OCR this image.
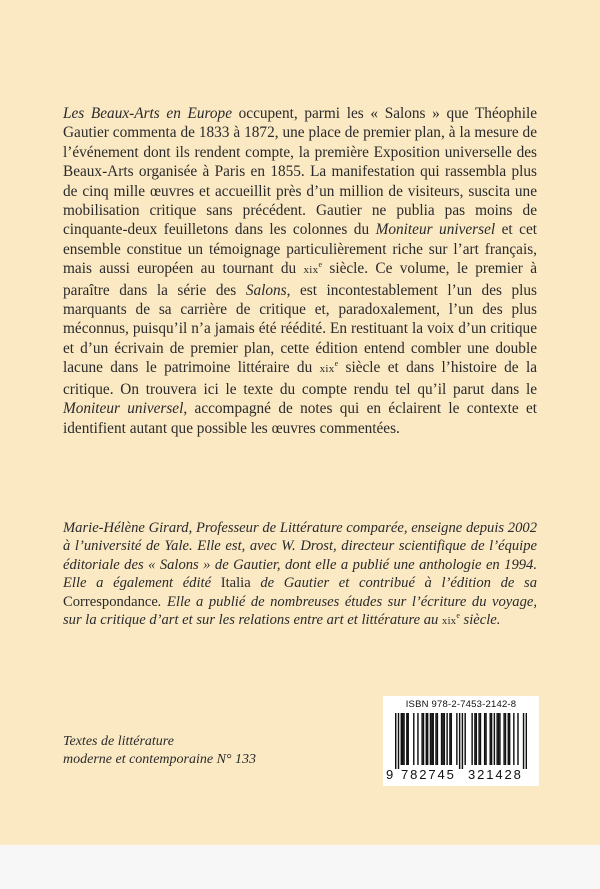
Les Beaux-Arts en Europe occupent, parmi les « Salons » que Théophile Gautier commenta de 1833 à 1872, une place de premier plan, à la mesure de l’événement dont ils rendent compte, la première Exposition universelle des Beaux-Arts organisée à Paris en 1855. La manifestation qui rassembla plus de cinq mille œuvres et accueillit près d’un million de visiteurs, suscita une mobilisation critique sans précédent. Gautier ne publia pas moins de cinquante-deux feuilletons dans les colonnes du Moniteur universel et cet ensemble constitue un témoignage particulièrement riche sur l’art français, mais aussi européen au tournant du xix$^e$ siècle. Ce volume, le premier à paraître dans la série des Salons, est incontestablement l’un des plus marquants de sa carrière de critique et, paradoxalement, l’un des plus méconnus, puisqu’il n’a jamais été réédité. En restituant la voix d’un critique et d’un écrivain de premier plan, cette édition entend combler une double lacune dans le patrimoine littéraire du xix$^e$ siècle et dans l’histoire de la critique. On trouvera ici le texte du compte rendu tel qu’il parut dans le Moniteur universel, accompagné de notes qui en éclairent le contexte et identifient autant que possible les œuvres commentées.

Marie-Hélène Girard, Professeur de Littérature comparée, enseigne depuis 2002 à l’université de Yale. Elle est, avec W. Drost, directeur scientifique de l’équipe éditoriale des « Salons » de Gautier, dont elle a publié une anthologie en 1994. Elle a également édité Italia de Gautier et contribué à l’édition de sa Correspondance. Elle a publié de nombreuses études sur l’écriture du voyage, sur la critique d’art et sur les relations entre art et littérature au xix$^e$ siècle.

Textes de littérature
moderne et contemporaine N° 133
ISBN 978-2-7453-2142-8
9 782745 321428
